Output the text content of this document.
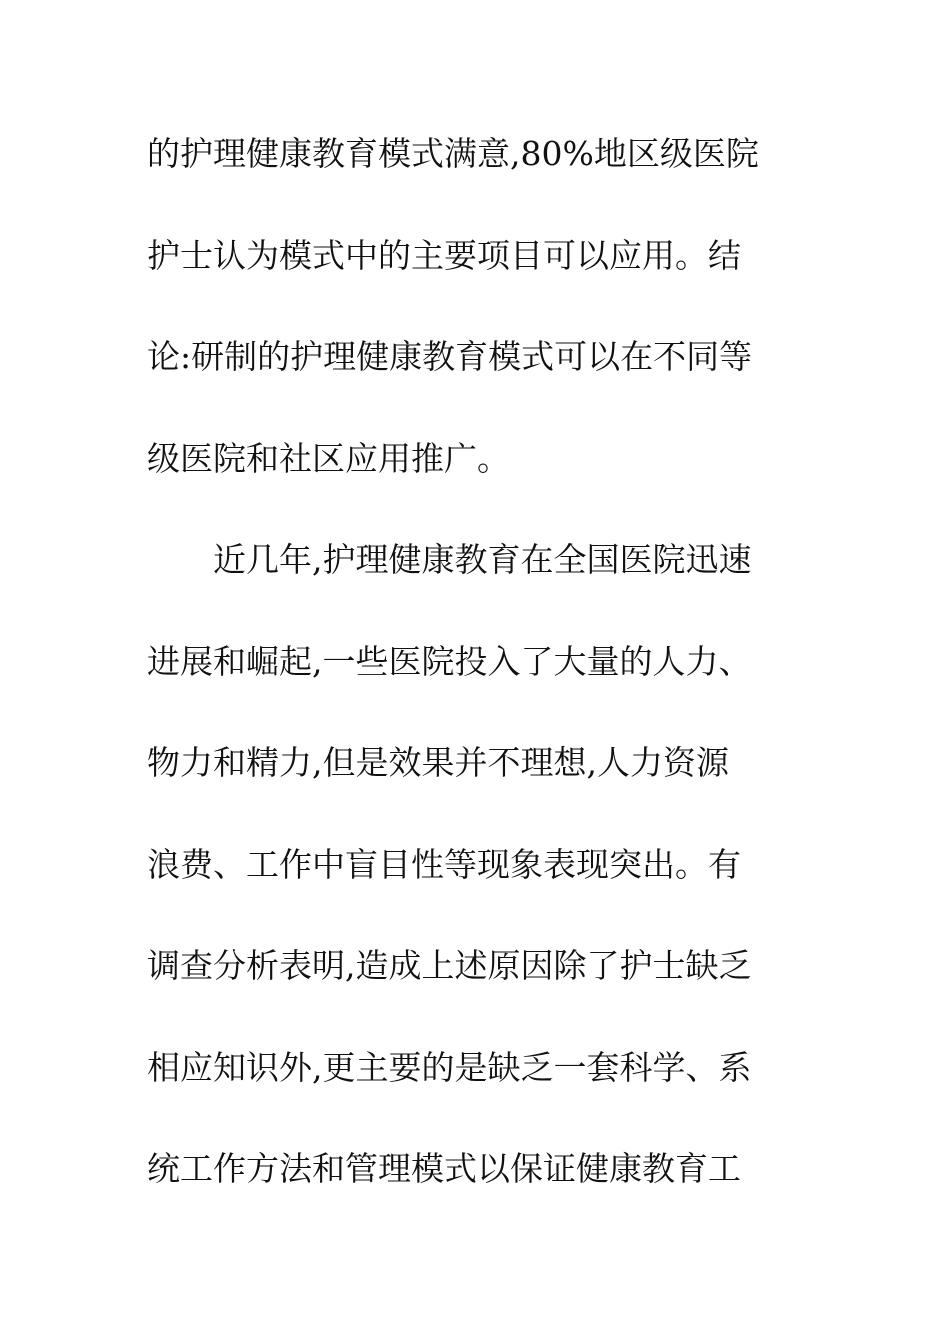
的护理健康教育模式满意,80%地区级医院
护士认为模式中的主要项目可以应用。结
论:研制的护理健康教育模式可以在不同等
级医院和社区应用推广。
近几年,护理健康教育在全国医院迅速
进展和崛起,一些医院投入了大量的人力、
物力和精力,但是效果并不理想,人力资源
浪费、工作中盲目性等现象表现突出。有
调查分析表明,造成上述原因除了护士缺乏
相应知识外,更主要的是缺乏一套科学、系
统工作方法和管理模式以保证健康教育工
